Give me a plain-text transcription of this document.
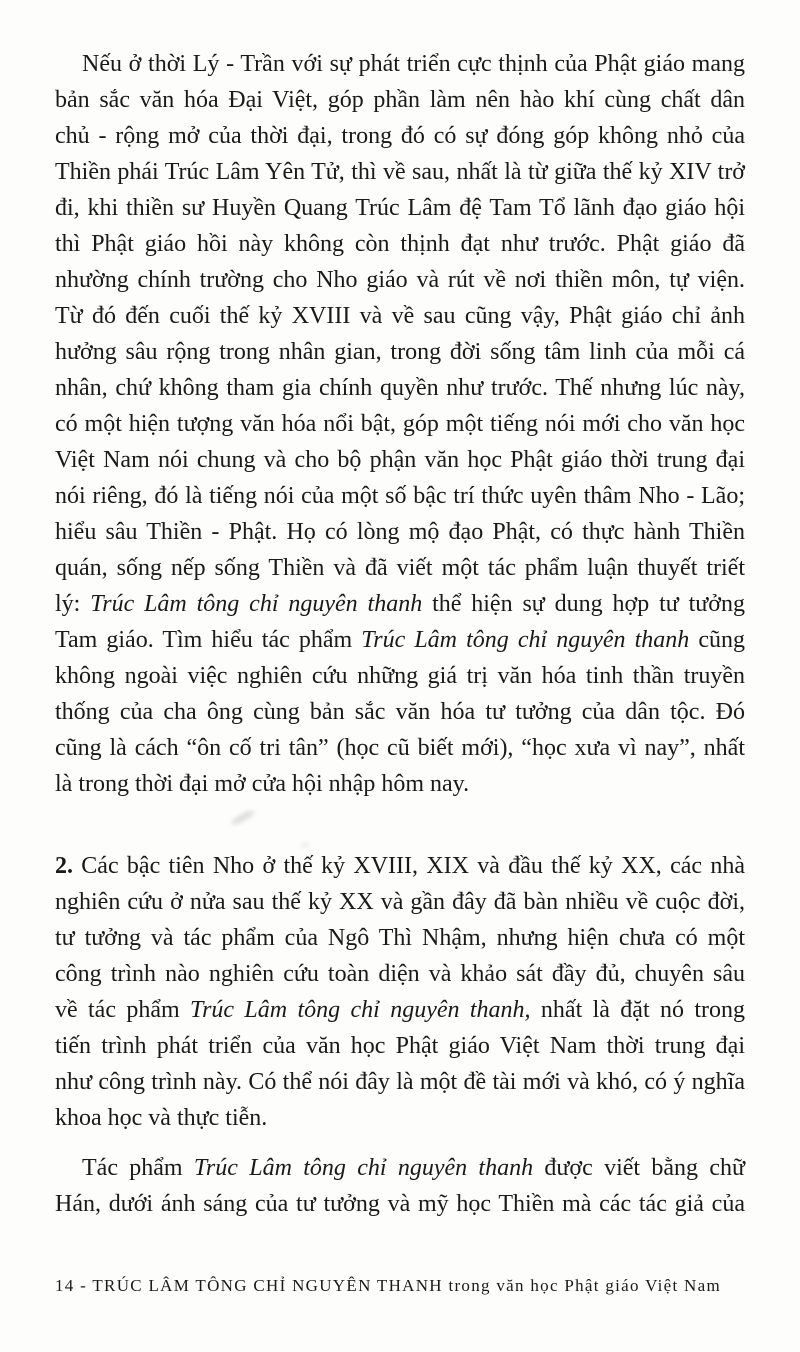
Nếu ở thời Lý - Trần với sự phát triển cực thịnh của Phật giáo mang
bản sắc văn hóa Đại Việt, góp phần làm nên hào khí cùng chất dân
chủ - rộng mở của thời đại, trong đó có sự đóng góp không nhỏ của
Thiền phái Trúc Lâm Yên Tử, thì về sau, nhất là từ giữa thế kỷ XIV trở
đi, khi thiền sư Huyền Quang Trúc Lâm đệ Tam Tổ lãnh đạo giáo hội
thì Phật giáo hồi này không còn thịnh đạt như trước. Phật giáo đã
nhường chính trường cho Nho giáo và rút về nơi thiền môn, tự viện.
Từ đó đến cuối thế kỷ XVIII và về sau cũng vậy, Phật giáo chỉ ảnh
hưởng sâu rộng trong nhân gian, trong đời sống tâm linh của mỗi cá
nhân, chứ không tham gia chính quyền như trước. Thế nhưng lúc này,
có một hiện tượng văn hóa nổi bật, góp một tiếng nói mới cho văn học
Việt Nam nói chung và cho bộ phận văn học Phật giáo thời trung đại
nói riêng, đó là tiếng nói của một số bậc trí thức uyên thâm Nho - Lão;
hiểu sâu Thiền - Phật. Họ có lòng mộ đạo Phật, có thực hành Thiền
quán, sống nếp sống Thiền và đã viết một tác phẩm luận thuyết triết
lý: Trúc Lâm tông chỉ nguyên thanh thể hiện sự dung hợp tư tưởng
Tam giáo. Tìm hiểu tác phẩm Trúc Lâm tông chỉ nguyên thanh cũng
không ngoài việc nghiên cứu những giá trị văn hóa tinh thần truyền
thống của cha ông cùng bản sắc văn hóa tư tưởng của dân tộc. Đó
cũng là cách “ôn cố tri tân” (học cũ biết mới), “học xưa vì nay”, nhất
là trong thời đại mở cửa hội nhập hôm nay.
2. Các bậc tiên Nho ở thế kỷ XVIII, XIX và đầu thế kỷ XX, các nhà
nghiên cứu ở nửa sau thế kỷ XX và gần đây đã bàn nhiều về cuộc đời,
tư tưởng và tác phẩm của Ngô Thì Nhậm, nhưng hiện chưa có một
công trình nào nghiên cứu toàn diện và khảo sát đầy đủ, chuyên sâu
về tác phẩm Trúc Lâm tông chỉ nguyên thanh, nhất là đặt nó trong
tiến trình phát triển của văn học Phật giáo Việt Nam thời trung đại
như công trình này. Có thể nói đây là một đề tài mới và khó, có ý nghĩa
khoa học và thực tiễn.
Tác phẩm Trúc Lâm tông chỉ nguyên thanh được viết bằng chữ
Hán, dưới ánh sáng của tư tưởng và mỹ học Thiền mà các tác giả của
14 - TRÚC LÂM TÔNG CHỈ NGUYÊN THANH trong văn học Phật giáo Việt Nam
